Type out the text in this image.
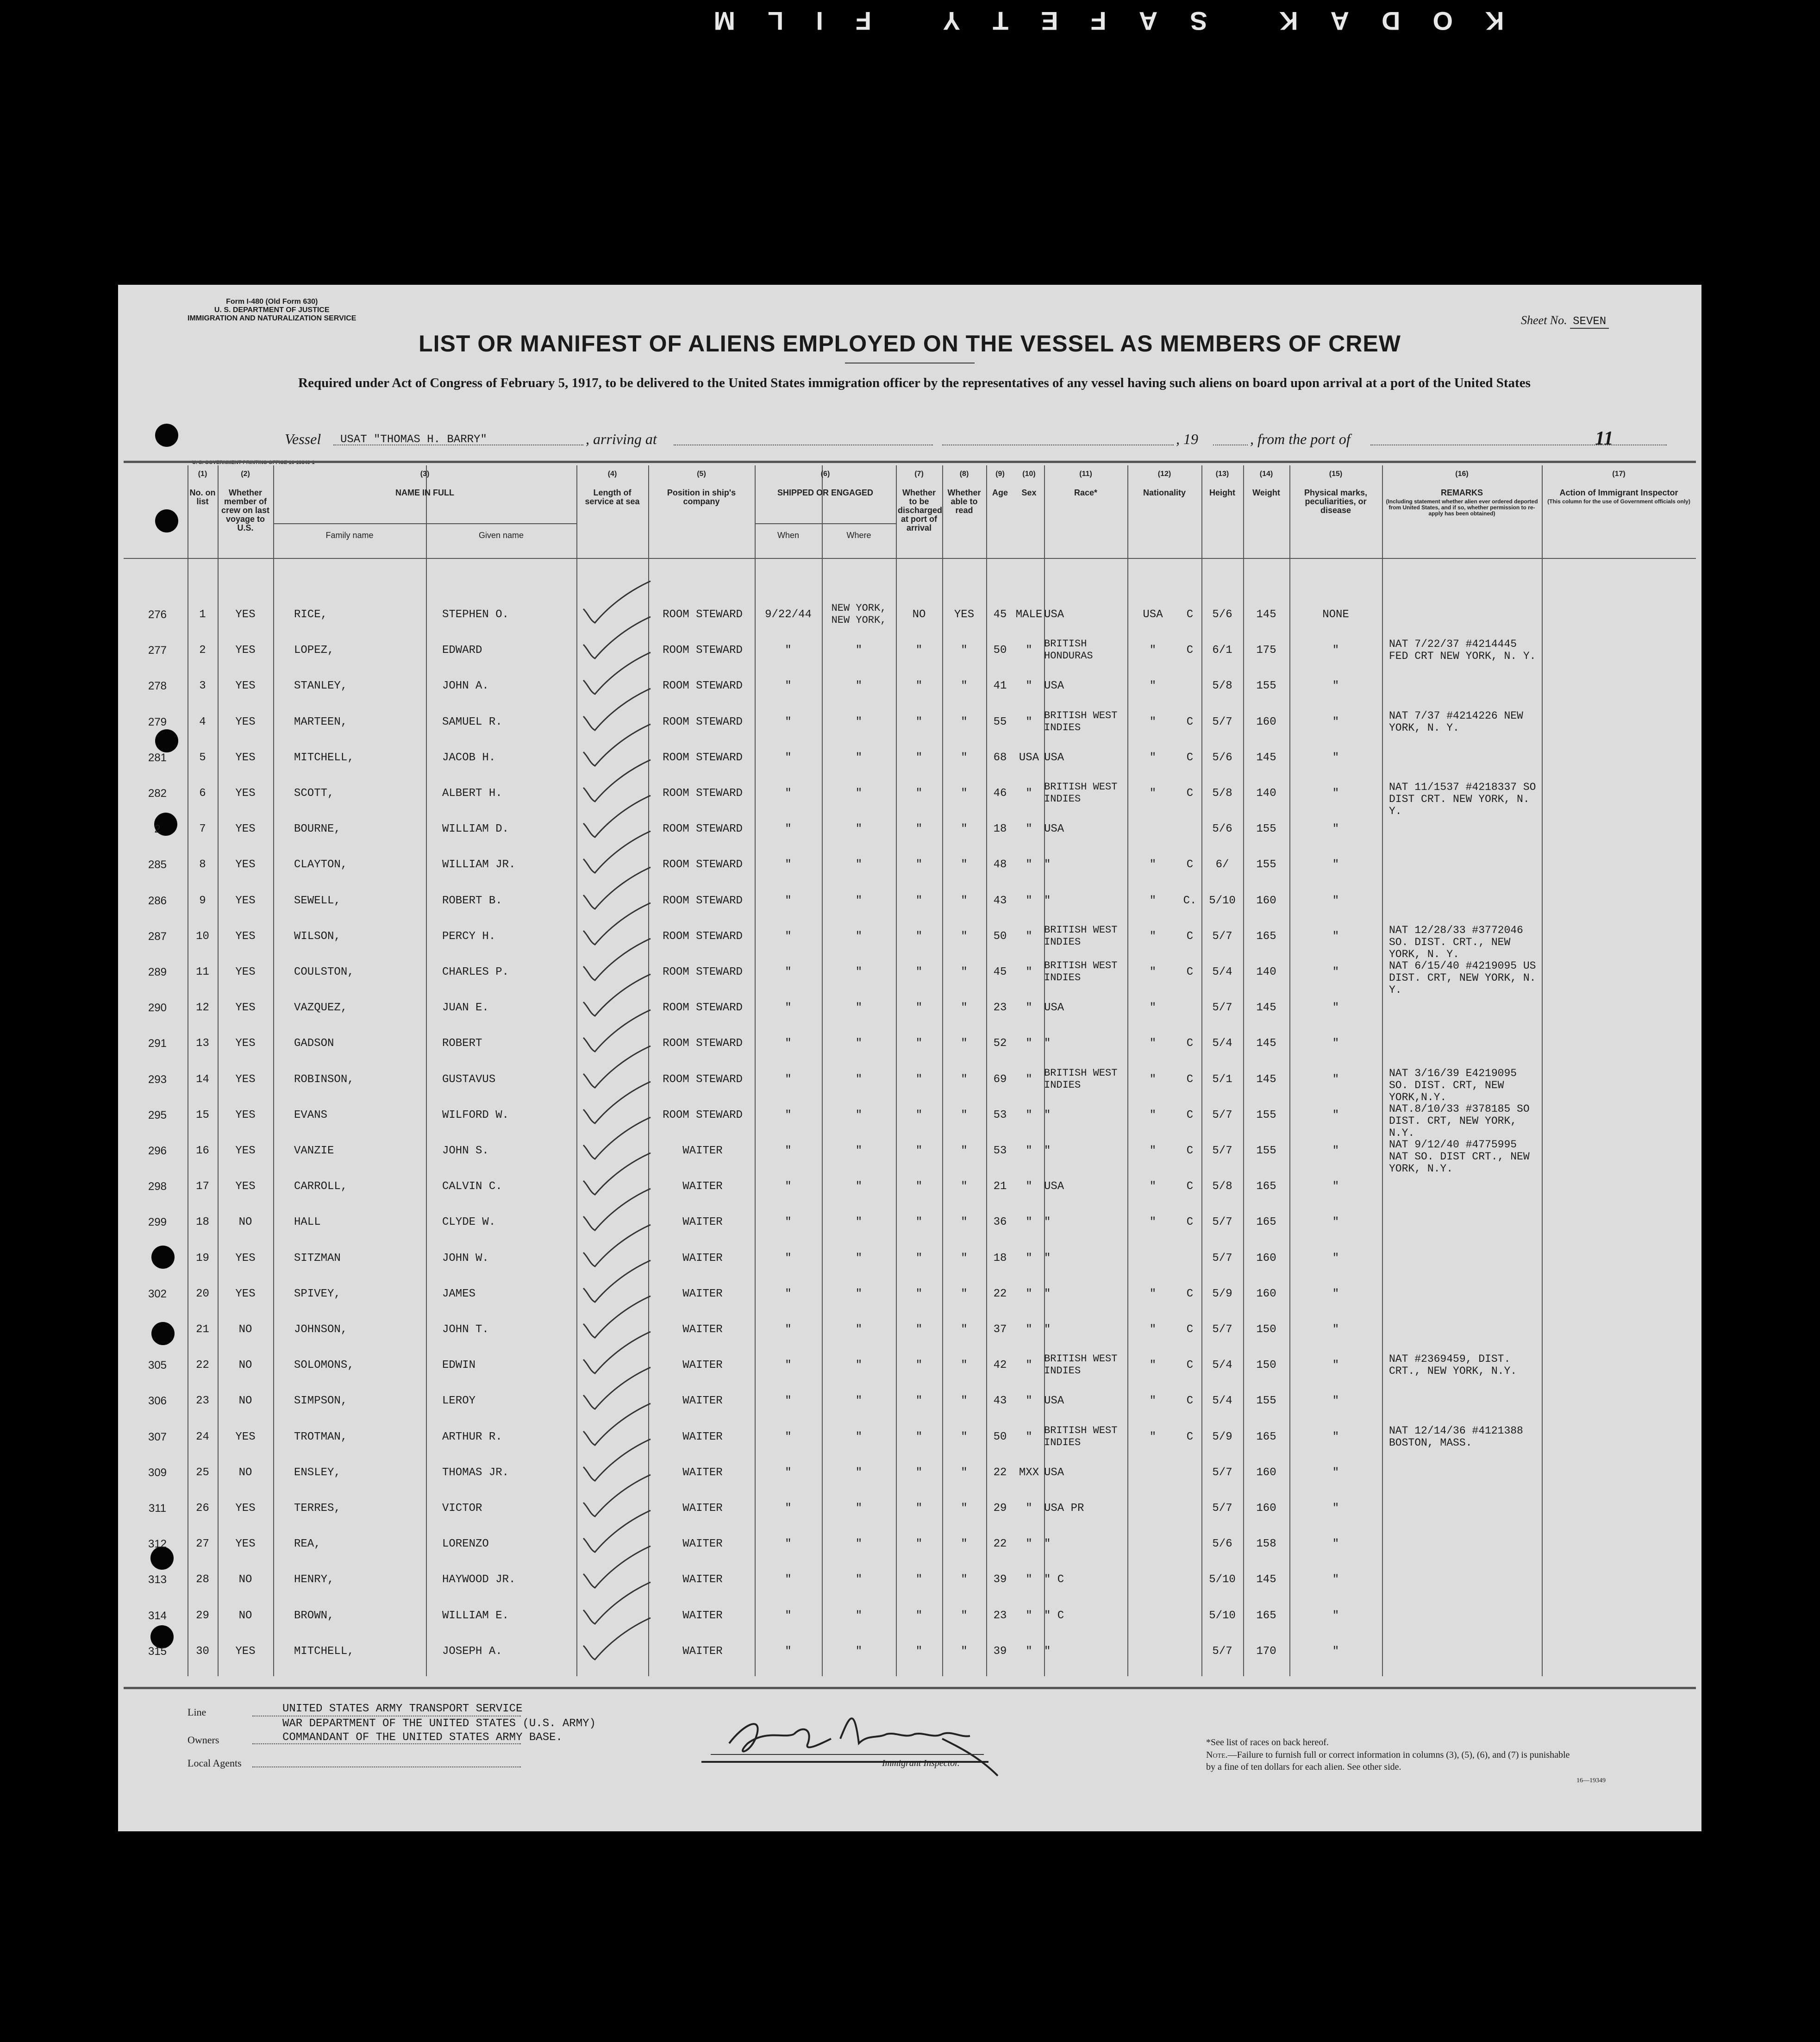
KODAK SAFETY FILM
Form I-480 (Old Form 630)
U. S. DEPARTMENT OF JUSTICE
IMMIGRATION AND NATURALIZATION SERVICE
U. S. GOVERNMENT PRINTING OFFICE 16-19349-1
Sheet No. SEVEN
LIST OR MANIFEST OF ALIENS EMPLOYED ON THE VESSEL AS MEMBERS OF CREW
Required under Act of Congress of February 5, 1917, to be delivered to the United States immigration officer by the representatives of any vessel having such aliens on board upon arrival at a port of the United States
Vessel USAT "THOMAS H. BARRY"	, arriving at	, 19	, from the port of	11
(1)
No. on list
(2)
Whether member of crew on last voyage to U.S.
(3)
NAME IN FULL
Family name	Given name
(4)
Length of service at sea
(5)
Position in ship's company
(6)
SHIPPED OR ENGAGED
When	Where
(7)
Whether to be discharged at port of arrival
(8)
Whether able to read
(9)
Age
(10)
Sex
(11)
Race*
(12)
Nationality
(13)
Height
(14)
Weight
(15)
Physical marks, peculiarities, or disease
(16)
REMARKS
(Including statement whether alien ever ordered deported from United States, and if so, whether permission to re-apply has been obtained)
(17)
Action of Immigrant Inspector
(This column for the use of Government officials only)
276	1	YES	RICE,	STEPHEN O.	ROOM STEWARD	9/22/44
NEW YORK, NEW YORK,	NO	YES	45 MALE USA	USA	C	5/6	145	NONE
277	2	YES	LOPEZ,	EDWARD	ROOM STEWARD	"	"	"	"	50	"
BRITISH HONDURAS	"	C	6/1	175	"	NAT 7/22/37 #4214445 FED CRT NEW YORK, N. Y.
278	3	YES	STANLEY,	JOHN A.	ROOM STEWARD	"	"	"	"	41	"	USA	"	5/8	155	"
279	4	YES	MARTEEN,	SAMUEL R.	ROOM STEWARD	"	"	"	"	55	"
BRITISH WEST INDIES	"	C	5/7	160	"	NAT 7/37 #4214226 NEW YORK, N. Y.
281	5	YES	MITCHELL,	JACOB H.	ROOM STEWARD	"	"	"	"	68	USA USA	"	C	5/6	145	"
282	6	YES	SCOTT,	ALBERT H.	ROOM STEWARD	"	"	"	"	46	"
BRITISH WEST INDIES	"	C	5/8	140	"	NAT 11/1537 #4218337 SO DIST CRT. NEW YORK, N. Y.
2	7	YES	BOURNE,	WILLIAM D.	ROOM STEWARD	"	"	"	"	18	"	USA	5/6	155	"
285	8	YES	CLAYTON,	WILLIAM JR.	ROOM STEWARD	"	"	"	"	48	"	"	"	C	6/	155	"
286	9	YES	SEWELL,	ROBERT B.	ROOM STEWARD	"	"	"	"	43	"	"	"	C.	5/10	160	"
287	10	YES	WILSON,	PERCY H.	ROOM STEWARD	"	"	"	"	50	"
BRITISH WEST INDIES	"	C	5/7	165	"	NAT 12/28/33 #3772046 SO. DIST. CRT., NEW YORK, N. Y.
289	11	YES	COULSTON,	CHARLES P.	ROOM STEWARD	"	"	"	"	45	"
BRITISH WEST INDIES	"	C	5/4	140	"	NAT 6/15/40 #4219095 US DIST. CRT, NEW YORK, N. Y.
290	12	YES	VAZQUEZ,	JUAN E.	ROOM STEWARD	"	"	"	"	23	"	USA	"	5/7	145	"
291	13	YES	GADSON	ROBERT	ROOM STEWARD	"	"	"	"	52	"	"	"	C	5/4	145	"
293	14	YES	ROBINSON,	GUSTAVUS	ROOM STEWARD	"	"	"	"	69	"
BRITISH WEST INDIES	"	C	5/1	145	"	NAT 3/16/39 E4219095 SO. DIST. CRT, NEW YORK,N.Y.
295	15	YES	EVANS	WILFORD W.	ROOM STEWARD	"	"	"	"	53	"	"	"	C	5/7	155	"	NAT.8/10/33 #378185 SO DIST. CRT, NEW YORK, N.Y.
296	16	YES	VANZIE	JOHN S.	WAITER	"	"	"	"	53	"	"	"	C	5/7	155	"	NAT 9/12/40 #4775995 NAT SO. DIST CRT., NEW YORK, N.Y.
298	17	YES	CARROLL,	CALVIN C.	WAITER	"	"	"	"	21	"	USA	"	C	5/8	165	"
299	18	NO	HALL	CLYDE W.	WAITER	"	"	"	"	36	"	"	"	C	5/7	165	"
19	YES	SITZMAN	JOHN W.	WAITER	"	"	"	"	18	"	"	5/7	160	"
302	20	YES	SPIVEY,	JAMES	WAITER	"	"	"	"	22	"	"	"	C	5/9	160	"
21	NO	JOHNSON,	JOHN T.	WAITER	"	"	"	"	37	"	"	"	C	5/7	150	"
305	22	NO	SOLOMONS,	EDWIN	WAITER	"	"	"	"	42	"
BRITISH WEST INDIES	"	C	5/4	150	"	NAT #2369459, DIST. CRT., NEW YORK, N.Y.
306	23	NO	SIMPSON,	LEROY	WAITER	"	"	"	"	43	"	USA	"	C	5/4	155	"
307	24	YES	TROTMAN,	ARTHUR R.	WAITER	"	"	"	"	50	"
BRITISH WEST INDIES	"	C	5/9	165	"	NAT 12/14/36 #4121388 BOSTON, MASS.
309	25	NO	ENSLEY,	THOMAS JR.	WAITER	"	"	"	"	22	MXX USA	5/7	160	"
311	26	YES	TERRES,	VICTOR	WAITER	"	"	"	"	29	"	USA PR	5/7	160	"
312	27	YES	REA,	LORENZO	WAITER	"	"	"	"	22	"	"	5/6	158	"
313	28	NO	HENRY,	HAYWOOD JR.	WAITER	"	"	"	"	39	"	" C	5/10	145	"
314	29	NO	BROWN,	WILLIAM E.	WAITER	"	"	"	"	23	"	" C	5/10	165	"
315	30	YES	MITCHELL,	JOSEPH A.	WAITER	"	"	"	"	39	"	"	5/7	170	"
Line	UNITED STATES ARMY TRANSPORT SERVICE
WAR DEPARTMENT OF THE UNITED STATES (U.S. ARMY)
Owners	COMMANDANT OF THE UNITED STATES ARMY BASE.
Local Agents	Immigrant Inspector.
*See list of races on back hereof.
Note.—Failure to furnish full or correct information in columns (3), (5), (6), and (7) is punishable by a fine of ten dollars for each alien. See other side.
16—19349
